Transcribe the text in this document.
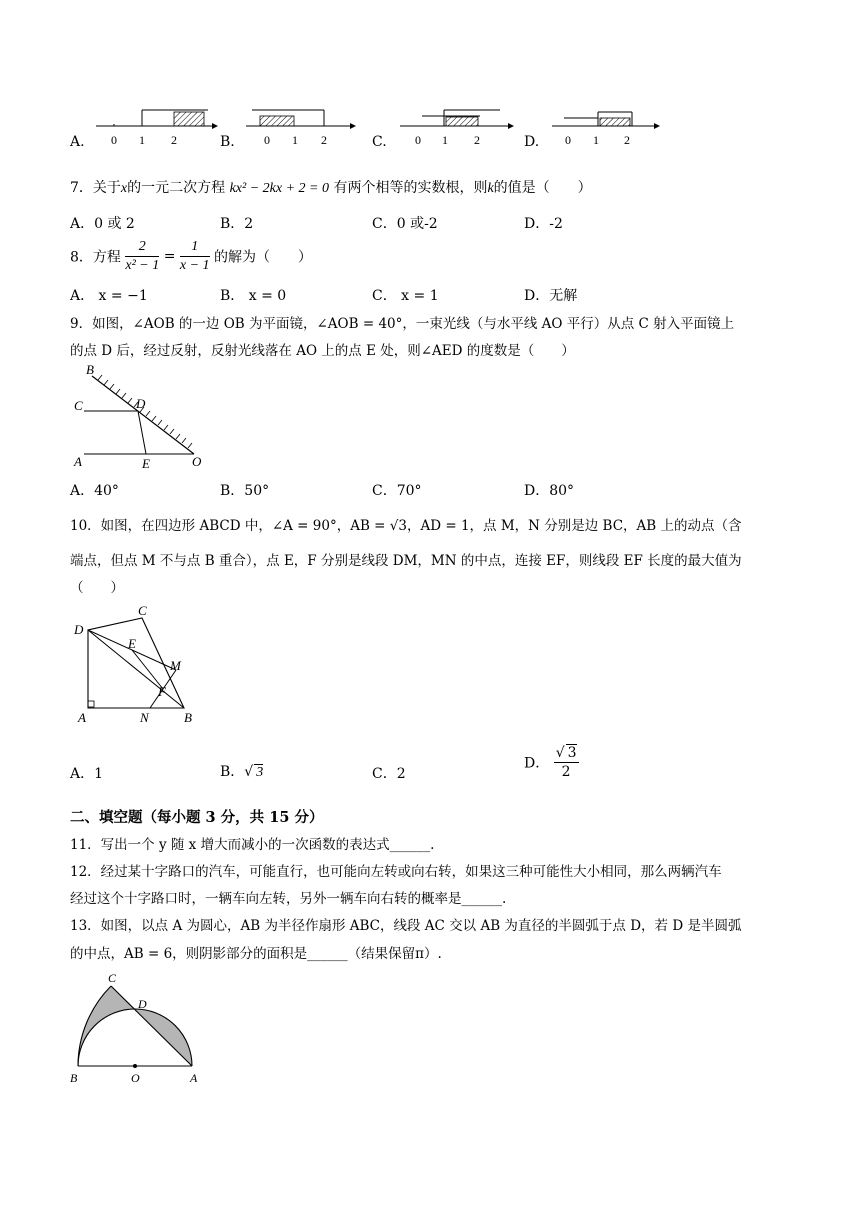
A. 0 1 2	B. 0 1 2	C. 0 1 2	D. 0 1 2
7．关于x的一元二次方程 kx² − 2kx + 2 = 0 有两个相等的实数根，则k的值是（　　）
A．0 或 2	B．2	C．0 或-2	D．-2
8．方程 $\frac{2}{\text{x² − 1}} = \frac{1}{x - 1}$ 的解为（　　）
A． x = −1	B． x = 0	C． x = 1	D．无解
9．如图，∠AOB 的一边 OB 为平面镜，∠AOB = 40°，一束光线（与水平线 AO 平行）从点 C 射入平面镜上
的点 D 后，经过反射，反射光线落在 AO 上的点 E 处，则∠AED 的度数是（　　）
B
C	D
A	E	O
A．40°	B．50°	C．70°	D．80°
10．如图，在四边形 ABCD 中，∠A = 90°，AB = √3，AD = 1，点 M，N 分别是边 BC，AB 上的动点（含
端点，但点 M 不与点 B 重合），点 E，F 分别是线段 DM，MN 的中点，连接 EF，则线段 EF 长度的最大值为
（　　）
C
D
E
M
F
A	N	B
A．1	B．√ 3	C．2
D． $\frac{√ 3}{2}$
二、填空题（每小题 3 分，共 15 分）
11．写出一个 y 随 x 增大而减小的一次函数的表达式______.
12．经过某十字路口的汽车，可能直行，也可能向左转或向右转，如果这三种可能性大小相同，那么两辆汽车
经过这个十字路口时，一辆车向左转，另外一辆车向右转的概率是______.
13．如图，以点 A 为圆心，AB 为半径作扇形 ABC，线段 AC 交以 AB 为直径的半圆弧于点 D，若 D 是半圆弧
的中点，AB = 6，则阴影部分的面积是______（结果保留π）.
C
D
B	O	A
